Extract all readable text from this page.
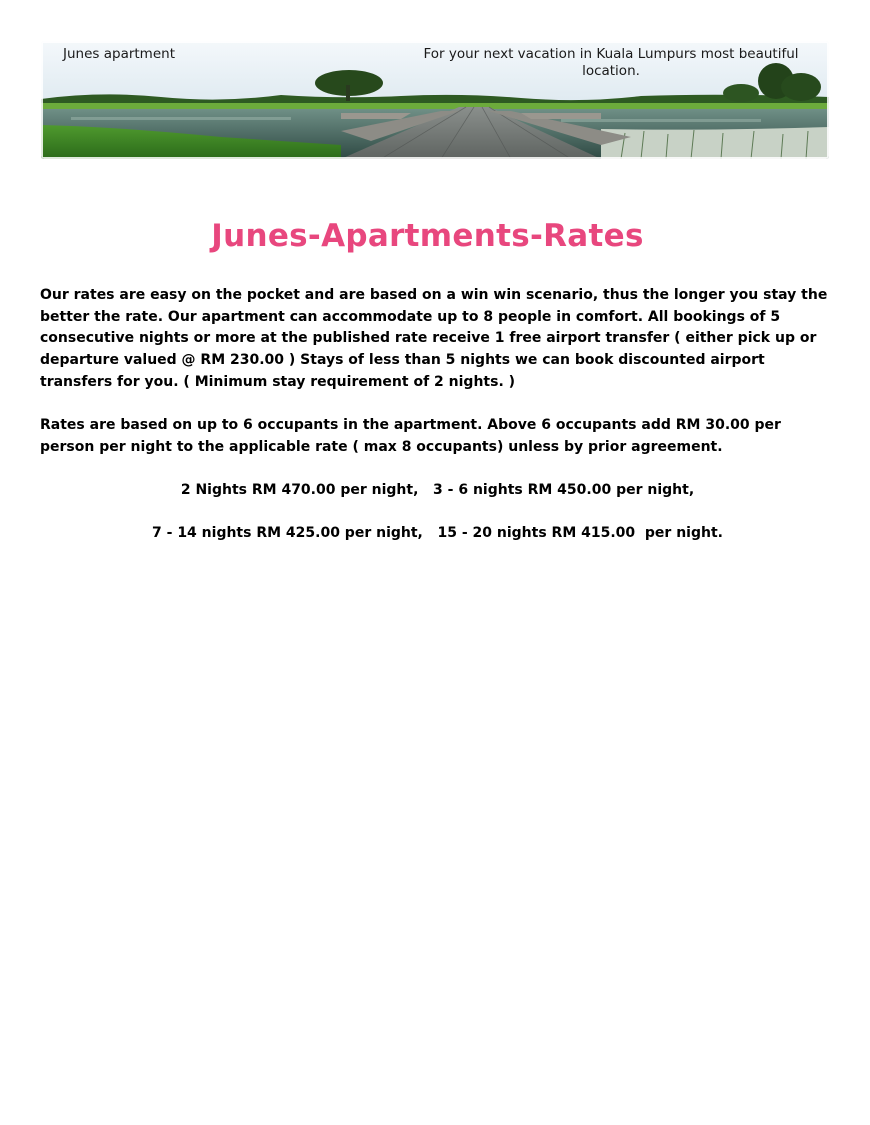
Junes apartment	For your next vacation in Kuala Lumpurs most beautiful location.
Junes-Apartments-Rates
Our rates are easy on the pocket and are based on a win win scenario, thus the longer you stay the better the rate. Our apartment can accommodate up to 8 people in comfort. All bookings of 5 consecutive nights or more at the published rate receive 1 free airport transfer ( either pick up or departure valued @ RM 230.00 ) Stays of less than 5 nights we can book discounted airport transfers for you. ( Minimum stay requirement of 2 nights. )
Rates are based on up to 6 occupants in the apartment. Above 6 occupants add RM 30.00 per person per night to the applicable rate ( max 8 occupants) unless by prior agreement.
2 Nights RM 470.00 per night,   3 - 6 nights RM 450.00 per night,
7 - 14 nights RM 425.00 per night,   15 - 20 nights RM 415.00  per night.
